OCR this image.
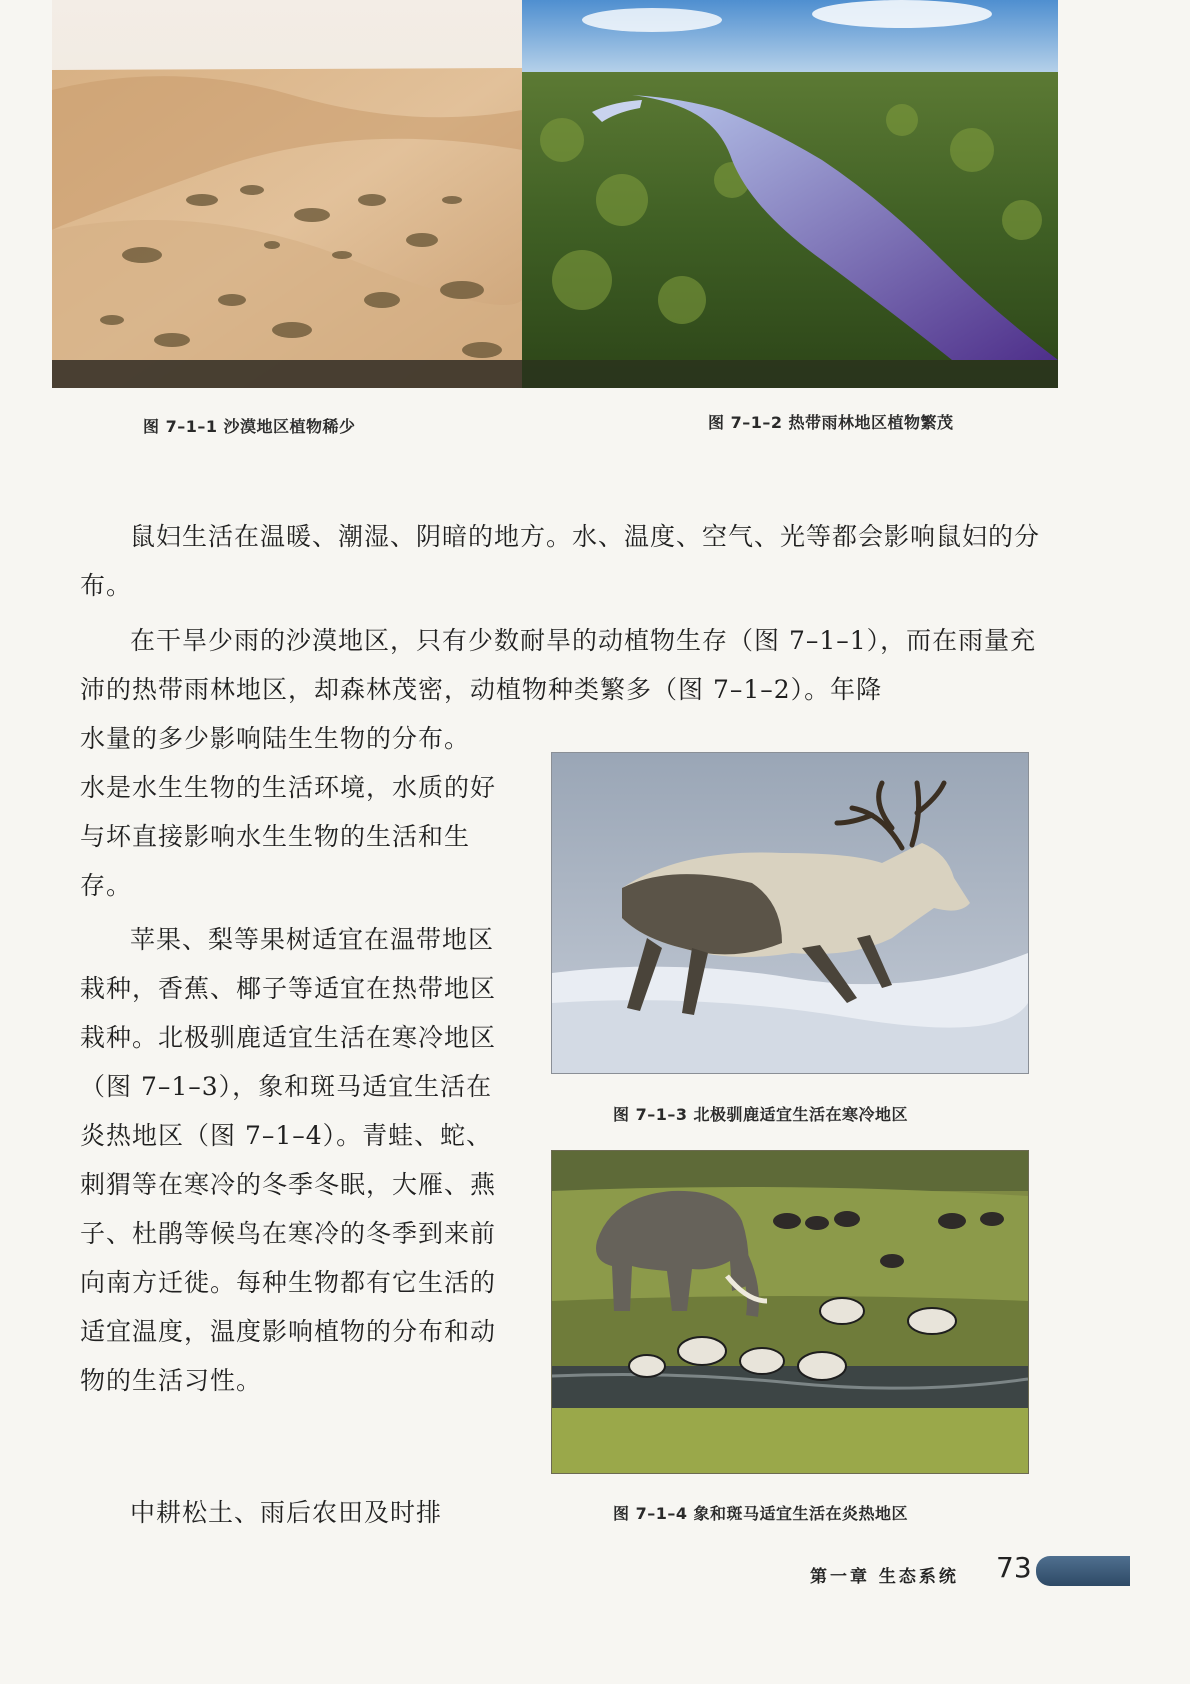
图 7–1–1 沙漠地区植物稀少	图 7–1–2 热带雨林地区植物繁茂

鼠妇生活在温暖、潮湿、阴暗的地方。水、温度、空气、光等都会影响鼠妇的分布。

在干旱少雨的沙漠地区，只有少数耐旱的动植物生存（图 7–1–1），而在雨量充沛的热带雨林地区，却森林茂密，动植物种类繁多（图 7–1–2）。年降

水量的多少影响陆生生物的分布。

水是水生生物的生活环境，水质的好与坏直接影响水生生物的生活和生存。

苹果、梨等果树适宜在温带地区栽种，香蕉、椰子等适宜在热带地区栽种。北极驯鹿适宜生活在寒冷地区（图 7–1–3），象和斑马适宜生活在炎热地区（图 7–1–4）。青蛙、蛇、刺猬等在寒冷的冬季冬眠，大雁、燕子、杜鹃等候鸟在寒冷的冬季到来前向南方迁徙。每种生物都有它生活的适宜温度，温度影响植物的分布和动物的生活习性。

中耕松土、雨后农田及时排

图 7–1–3 北极驯鹿适宜生活在寒冷地区
图 7–1–4 象和斑马适宜生活在炎热地区
第一章 生态系统 73
